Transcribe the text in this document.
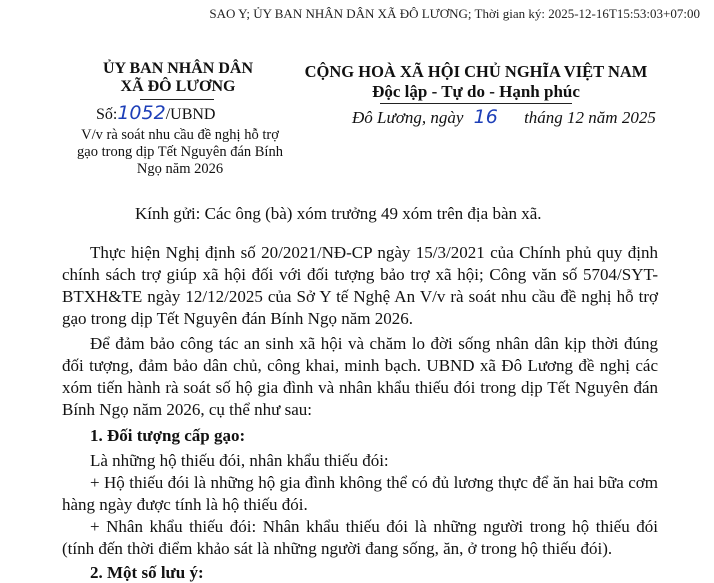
SAO Y; ỦY BAN NHÂN DÂN XÃ ĐÔ LƯƠNG; Thời gian ký: 2025-12-16T15:53:03+07:00
ỦY BAN NHÂN DÂN
XÃ ĐÔ LƯƠNG
Số:1052/UBND
V/v rà soát nhu cầu đề nghị hỗ trợ
gạo trong dịp Tết Nguyên đán Bính
Ngọ năm 2026
CỘNG HOÀ XÃ HỘI CHỦ NGHĨA VIỆT NAM
Độc lập - Tự do - Hạnh phúc
Đô Lương, ngày 16 tháng 12 năm 2025
Kính gửi: Các ông (bà) xóm trưởng 49 xóm trên địa bàn xã.
Thực hiện Nghị định số 20/2021/NĐ-CP ngày 15/3/2021 của Chính phủ quy định chính sách trợ giúp xã hội đối với đối tượng bảo trợ xã hội; Công văn số 5704/SYT-BTXH&TE ngày 12/12/2025 của Sở Y tế Nghệ An V/v rà soát nhu cầu đề nghị hỗ trợ gạo trong dịp Tết Nguyên đán Bính Ngọ năm 2026.
Để đảm bảo công tác an sinh xã hội và chăm lo đời sống nhân dân kịp thời đúng đối tượng, đảm bảo dân chủ, công khai, minh bạch. UBND xã Đô Lương đề nghị các xóm tiến hành rà soát số hộ gia đình và nhân khẩu thiếu đói trong dịp Tết Nguyên đán Bính Ngọ năm 2026, cụ thể như sau:
1. Đối tượng cấp gạo:
Là những hộ thiếu đói, nhân khẩu thiếu đói:
+ Hộ thiếu đói là những hộ gia đình không thể có đủ lương thực để ăn hai bữa cơm hàng ngày được tính là hộ thiếu đói.
+ Nhân khẩu thiếu đói: Nhân khẩu thiếu đói là những người trong hộ thiếu đói (tính đến thời điểm khảo sát là những người đang sống, ăn, ở trong hộ thiếu đói).
2. Một số lưu ý:
